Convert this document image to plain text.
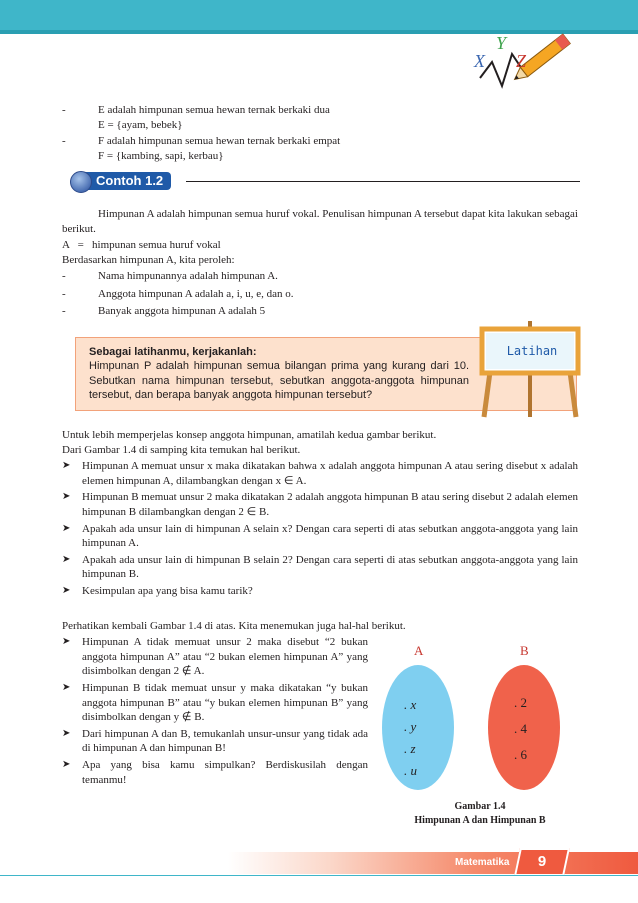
X
Y
Z
-	E adalah himpunan semua hewan ternak berkaki dua
E = {ayam, bebek}
-	F adalah himpunan semua hewan ternak berkaki empat
F = {kambing, sapi, kerbau}
Contoh 1.2
Himpunan A adalah himpunan semua huruf vokal. Penulisan himpunan A tersebut dapat kita lakukan sebagai berikut.
A   =   himpunan semua huruf vokal
Berdasarkan himpunan A, kita peroleh:
-	Nama himpunannya adalah himpunan A.
-	Anggota himpunan A adalah a, i, u, e, dan o.
-	Banyak anggota himpunan A adalah 5
Sebagai latihanmu, kerjakanlah:
Himpunan P adalah himpunan semua bilangan prima yang kurang dari 10. Sebutkan nama himpunan tersebut, sebutkan anggota-anggota himpunan tersebut, dan berapa banyak anggota himpunan tersebut?
Latihan
Untuk lebih memperjelas konsep anggota himpunan, amatilah kedua gambar berikut.
Dari Gambar 1.4 di samping kita temukan hal berikut.
➤ Himpunan A memuat unsur x maka dikatakan bahwa x adalah anggota himpunan A atau sering disebut x adalah elemen himpunan A, dilambangkan dengan x ∈ A.
➤ Himpunan B memuat unsur 2 maka dikatakan 2 adalah anggota himpunan B atau sering disebut 2 adalah elemen himpunan B dilambangkan dengan 2 ∈ B.
➤ Apakah ada unsur lain di himpunan A selain x? Dengan cara seperti di atas sebutkan anggota-anggota yang lain himpunan A.
➤ Apakah ada unsur lain di himpunan B selain 2? Dengan cara seperti di atas sebutkan anggota-anggota yang lain himpunan B.
➤ Kesimpulan apa yang bisa kamu tarik?
Perhatikan kembali Gambar 1.4 di atas. Kita menemukan juga hal-hal berikut.
➤ Himpunan A tidak memuat unsur 2 maka disebut “2 bukan anggota himpunan A” atau “2 bukan elemen himpunan A” yang disimbolkan dengan 2 ∉ A.
➤ Himpunan B tidak memuat unsur y maka dikatakan “y bukan anggota himpunan B” atau “y bukan elemen himpunan B” yang disimbolkan dengan y ∉ B.
➤ Dari himpunan A dan B, temukanlah unsur-unsur yang tidak ada di himpunan A dan himpunan B!
➤ Apa yang bisa kamu simpulkan? Berdiskusilah dengan temanmu!
A	B
. x
. y
. z
. u
. 2
. 4
. 6
Gambar 1.4
Himpunan A dan Himpunan B
Matematika	9
